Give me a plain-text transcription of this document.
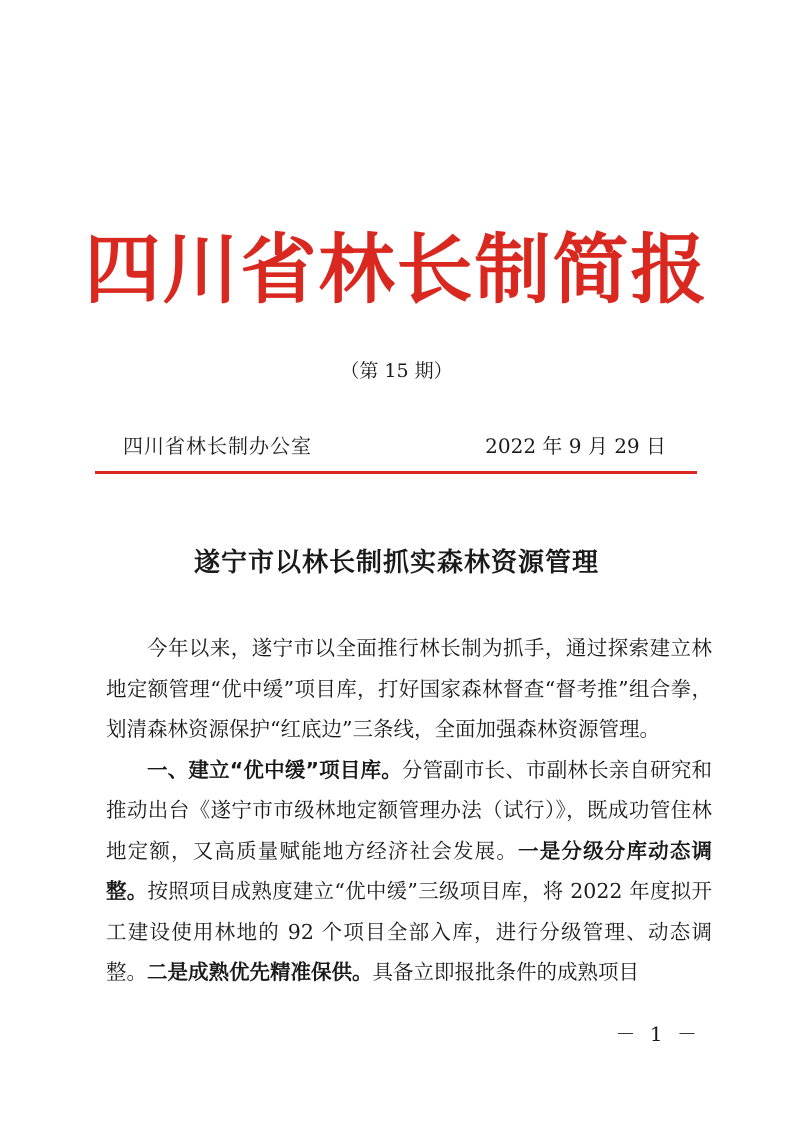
四川省林长制简报
（第 15 期）
四川省林长制办公室	2022 年 9 月 29 日
遂宁市以林长制抓实森林资源管理

今年以来，遂宁市以全面推行林长制为抓手，通过探索建立林地定额管理“优中缓”项目库，打好国家森林督查“督考推”组合拳，划清森林资源保护“红底边”三条线，全面加强森林资源管理。

一、建立“优中缓”项目库。分管副市长、市副林长亲自研究和推动出台《遂宁市市级林地定额管理办法（试行）》，既成功管住林地定额，又高质量赋能地方经济社会发展。一是分级分库动态调整。按照项目成熟度建立“优中缓”三级项目库，将 2022 年度拟开工建设使用林地的 92 个项目全部入库，进行分级管理、动态调整。二是成熟优先精准保供。具备立即报批条件的成熟项目

－ 1 －
